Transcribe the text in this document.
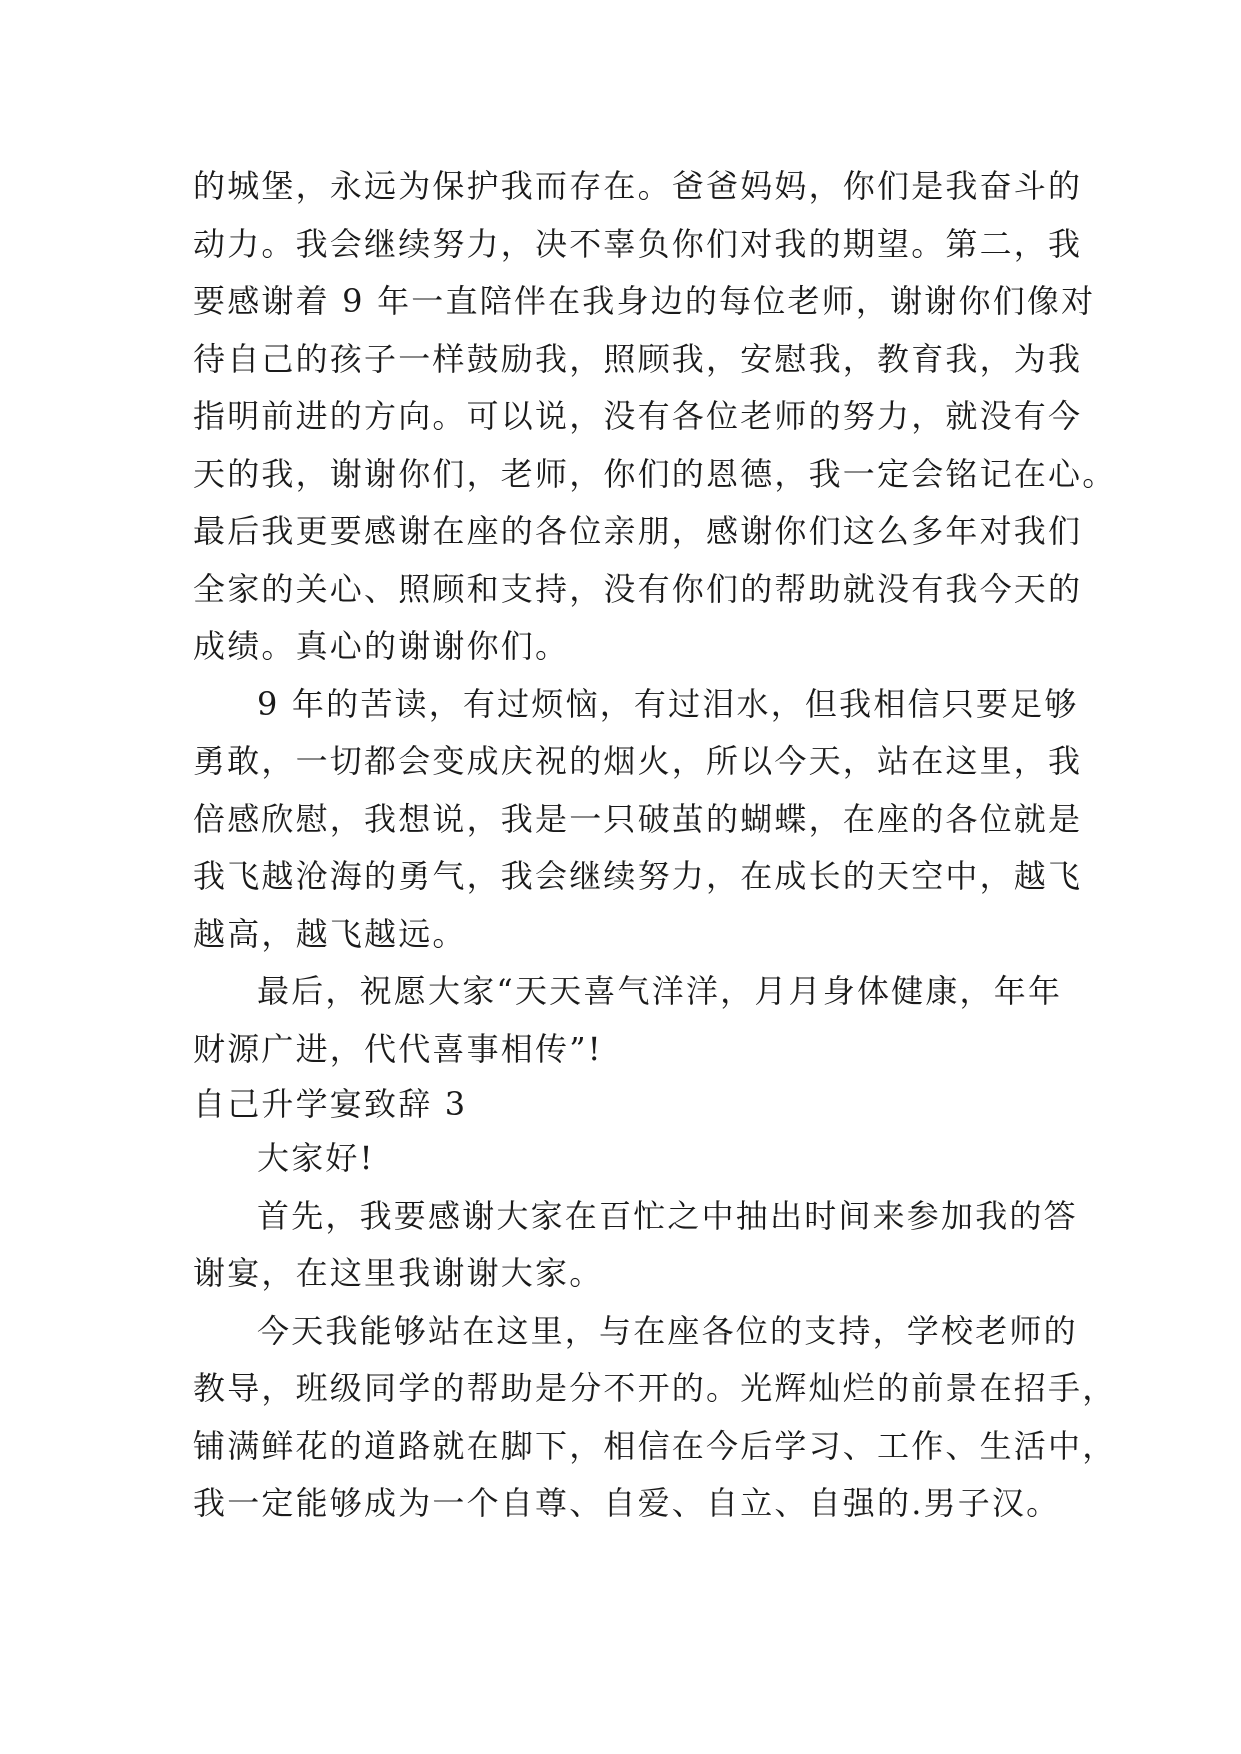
的城堡，永远为保护我而存在。爸爸妈妈，你们是我奋斗的
动力。我会继续努力，决不辜负你们对我的期望。第二，我
要感谢着 9 年一直陪伴在我身边的每位老师，谢谢你们像对
待自己的孩子一样鼓励我，照顾我，安慰我，教育我，为我
指明前进的方向。可以说，没有各位老师的努力，就没有今
天的我，谢谢你们，老师，你们的恩德，我一定会铭记在心。
最后我更要感谢在座的各位亲朋，感谢你们这么多年对我们
全家的关心、照顾和支持，没有你们的帮助就没有我今天的
成绩。真心的谢谢你们。
9 年的苦读，有过烦恼，有过泪水，但我相信只要足够
勇敢，一切都会变成庆祝的烟火，所以今天，站在这里，我
倍感欣慰，我想说，我是一只破茧的蝴蝶，在座的各位就是
我飞越沧海的勇气，我会继续努力，在成长的天空中，越飞
越高，越飞越远。
最后，祝愿大家“天天喜气洋洋，月月身体健康，年年
财源广进，代代喜事相传”!
自己升学宴致辞 3
大家好!
首先，我要感谢大家在百忙之中抽出时间来参加我的答
谢宴，在这里我谢谢大家。
今天我能够站在这里，与在座各位的支持，学校老师的
教导，班级同学的帮助是分不开的。光辉灿烂的前景在招手，
铺满鲜花的道路就在脚下，相信在今后学习、工作、生活中，
我一定能够成为一个自尊、自爱、自立、自强的.男子汉。
